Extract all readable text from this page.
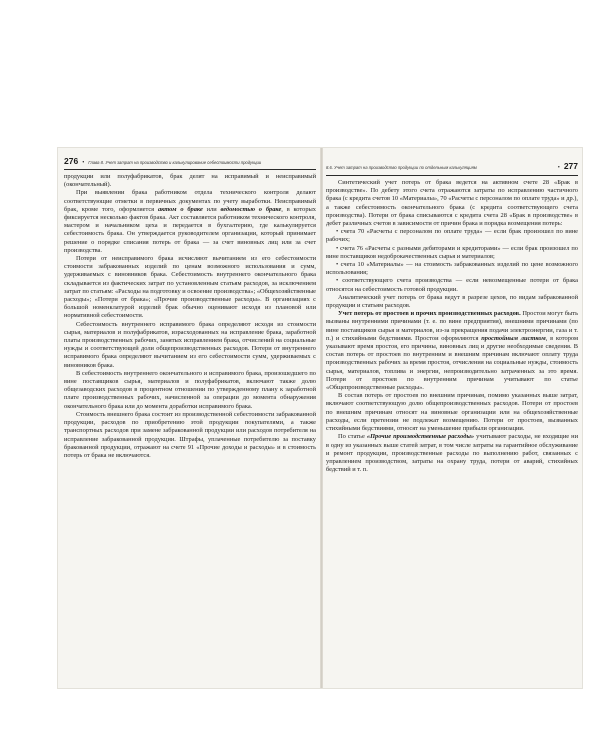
276 • Глава 8. Учет затрат на производство и калькулирование себестоимости продукции

продукции или полуфабрикатов, брак делят на исправимый и неисправимый (окончательный).

При выявлении брака работником отдела технического контроля делают соответствующие отметки в первичных документах по учету выработки. Неисправимый брак, кроме того, оформляется актом о браке или ведомостью о браке, в которых фиксируется несколько фактов брака. Акт составляется работником технического контроля, мастером и начальником цеха и передается в бухгалтерию, где калькулируется себестоимость брака. Он утверждается руководителем организации, который принимает решение о порядке списания потерь от брака — за счет виновных лиц или за счет производства.

Потери от неисправимого брака исчисляют вычитанием из его себестоимости стоимости забракованных изделий по ценам возможного использования и сумм, удерживаемых с виновников брака. Себестоимость внутреннего окончательного брака складывается из фактических затрат по установленным статьям расходов, за исключением затрат по статьям: «Расходы на подготовку и освоение производства»; «Общехозяйственные расходы»; «Потери от брака»; «Прочие производственные расходы». В организациях с большой номенклатурой изделий брак обычно оценивают исходя из плановой или нормативной себестоимости.

Себестоимость внутреннего исправимого брака определяют исходя из стоимости сырья, материалов и полуфабрикатов, израсходованных на исправление брака, заработной платы производственных рабочих, занятых исправлением брака, отчислений на социальные нужды и соответствующей доли общепроизводственных расходов. Потери от внутреннего исправимого брака определяют вычитанием из его себестоимости сумм, удерживаемых с виновников брака.

В себестоимость внутреннего окончательного и исправимого брака, произошедшего по вине поставщиков сырья, материалов и полуфабрикатов, включают также долю общезаводских расходов в процентном отношении по утвержденному плану к заработной плате производственных рабочих, начисленной за операции до момента обнаружения окончательного брака или до момента доработки исправимого брака.

Стоимость внешнего брака состоит из производственной себестоимости забракованной продукции, расходов по приобретению этой продукции покупателями, а также транспортных расходов при замене забракованной продукции или расходов потребителя на исправление забракованной продукции. Штрафы, уплаченные потребителю за поставку бракованной продукции, отражают на счете 91 «Прочие доходы и расходы» и в стоимость потерь от брака не включаются.

8.6. Учет затрат на производство продукции по отдельным калькуляциям	• 277

Синтетический учет потерь от брака ведется на активном счете 28 «Брак в производстве». По дебету этого счета отражаются затраты по исправлению частичного брака (с кредита счетов 10 «Материалы», 70 «Расчеты с персоналом по оплате труда» и др.), а также себестоимость окончательного брака (с кредита соответствующего счета производства). Потери от брака списываются с кредита счета 28 «Брак в производстве» в дебет различных счетов в зависимости от причин брака и порядка возмещения потерь:

• счета 70 «Расчеты с персоналом по оплате труда» — если брак произошел по вине рабочих;

• счета 76 «Расчеты с разными дебиторами и кредиторами» — если брак произошел по вине поставщиков недоброкачественных сырья и материалов;

• счета 10 «Материалы» — на стоимость забракованных изделий по цене возможного использования;

• соответствующего счета производства — если невозмещенные потери от брака относятся на себестоимость готовой продукции.

Аналитический учет потерь от брака ведут в разрезе цехов, по видам забракованной продукции и статьям расходов.

Учет потерь от простоев и прочих производственных расходов. Простои могут быть вызваны внутренними причинами (т. е. по вине предприятия), внешними причинами (по вине поставщиков сырья и материалов, из-за прекращения подачи электроэнергии, газа и т. п.) и стихийными бедствиями. Простои оформляются простойным листком, в котором указывают время простоя, его причины, виновных лиц и другие необходимые сведения. В состав потерь от простоев по внутренним и внешним причинам включают оплату труда производственных рабочих за время простоя, отчисления на социальные нужды, стоимость сырья, материалов, топлива и энергии, непроизводительно затраченных за это время. Потери от простоев по внутренним причинам учитывают по статье «Общепроизводственные расходы».

В состав потерь от простоев по внешним причинам, помимо указанных выше затрат, включают соответствующую долю общепроизводственных расходов. Потери от простоев по внешним причинам относят на виновные организации или на общехозяйственные расходы, если претензии не подлежат возмещению. Потери от простоев, вызванных стихийными бедствиями, относят на уменьшение прибыли организации.

По статье «Прочие производственные расходы» учитывают расходы, не входящие ни в одну из указанных выше статей затрат, в том числе затраты на гарантийное обслуживание и ремонт продукции, производственные расходы по выполнению работ, связанных с управлением производством, затраты на охрану труда, потери от аварий, стихийных бедствий и т. п.
